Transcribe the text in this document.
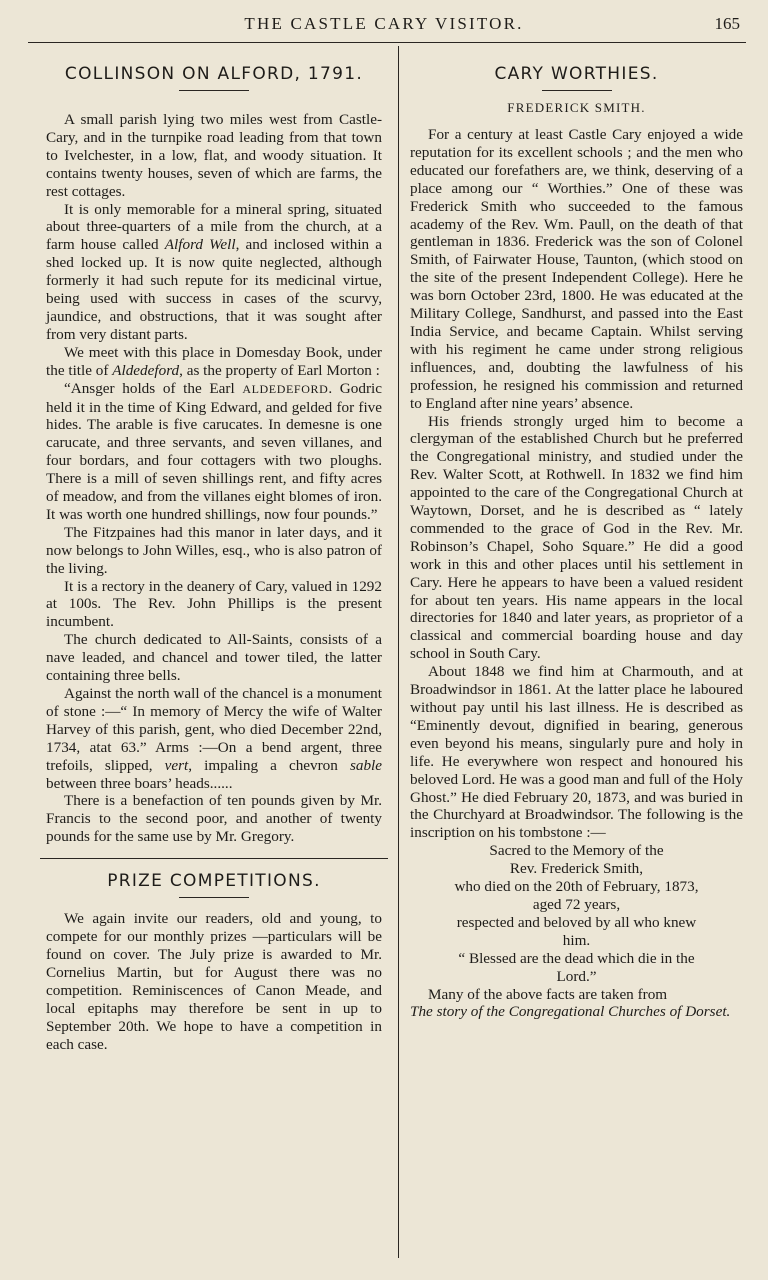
THE CASTLE CARY VISITOR.	165
COLLINSON ON ALFORD, 1791.

A small parish lying two miles west from Castle-Cary, and in the turnpike road leading from that town to Ivelchester, in a low, flat, and woody situation. It contains twenty houses, seven of which are farms, the rest cottages.

It is only memorable for a mineral spring, situated about three-quarters of a mile from the church, at a farm house called Alford Well, and inclosed within a shed locked up. It is now quite neglected, although formerly it had such repute for its medicinal virtue, being used with success in cases of the scurvy, jaundice, and obstructions, that it was sought after from very distant parts.

We meet with this place in Domesday Book, under the title of Aldedeford, as the property of Earl Morton :

“Ansger holds of the Earl ALDEDEFORD. Godric held it in the time of King Edward, and gelded for five hides. The arable is five carucates. In demesne is one carucate, and three servants, and seven villanes, and four bordars, and four cottagers with two ploughs. There is a mill of seven shillings rent, and fifty acres of meadow, and from the villanes eight blomes of iron. It was worth one hundred shillings, now four pounds.”

The Fitzpaines had this manor in later days, and it now belongs to John Willes, esq., who is also patron of the living.

It is a rectory in the deanery of Cary, valued in 1292 at 100s. The Rev. John Phillips is the present incumbent.

The church dedicated to All-Saints, consists of a nave leaded, and chancel and tower tiled, the latter containing three bells.

Against the north wall of the chancel is a monument of stone :—“ In memory of Mercy the wife of Walter Harvey of this parish, gent, who died December 22nd, 1734, atat 63.” Arms :—On a bend argent, three trefoils, slipped, vert, impaling a chevron sable between three boars’ heads......

There is a benefaction of ten pounds given by Mr. Francis to the second poor, and another of twenty pounds for the same use by Mr. Gregory.

PRIZE COMPETITIONS.

We again invite our readers, old and young, to compete for our monthly prizes —particulars will be found on cover. The July prize is awarded to Mr. Cornelius Martin, but for August there was no competition. Reminiscences of Canon Meade, and local epitaphs may therefore be sent in up to September 20th. We hope to have a competition in each case.

CARY WORTHIES.
FREDERICK SMITH.

For a century at least Castle Cary enjoyed a wide reputation for its excellent schools ; and the men who educated our forefathers are, we think, deserving of a place among our “ Worthies.” One of these was Frederick Smith who succeeded to the famous academy of the Rev. Wm. Paull, on the death of that gentleman in 1836. Frederick was the son of Colonel Smith, of Fairwater House, Taunton, (which stood on the site of the present Independent College). Here he was born October 23rd, 1800. He was educated at the Military College, Sandhurst, and passed into the East India Service, and became Captain. Whilst serving with his regiment he came under strong religious influences, and, doubting the lawfulness of his profession, he resigned his commission and returned to England after nine years’ absence.

His friends strongly urged him to become a clergyman of the established Church but he preferred the Congregational ministry, and studied under the Rev. Walter Scott, at Rothwell. In 1832 we find him appointed to the care of the Congregational Church at Waytown, Dorset, and he is described as “ lately commended to the grace of God in the Rev. Mr. Robinson’s Chapel, Soho Square.” He did a good work in this and other places until his settlement in Cary. Here he appears to have been a valued resident for about ten years. His name appears in the local directories for 1840 and later years, as proprietor of a classical and commercial boarding house and day school in South Cary.

About 1848 we find him at Charmouth, and at Broadwindsor in 1861. At the latter place he laboured without pay until his last illness. He is described as “Eminently devout, dignified in bearing, generous even beyond his means, singularly pure and holy in life. He everywhere won respect and honoured his beloved Lord. He was a good man and full of the Holy Ghost.” He died February 20, 1873, and was buried in the Churchyard at Broadwindsor. The following is the inscription on his tombstone :—

Sacred to the Memory of the

Rev. Frederick Smith,

who died on the 20th of February, 1873,

aged 72 years,

respected and beloved by all who knew

him.

“ Blessed are the dead which die in the

Lord.”

Many of the above facts are taken from

The story of the Congregational Churches of Dorset.
